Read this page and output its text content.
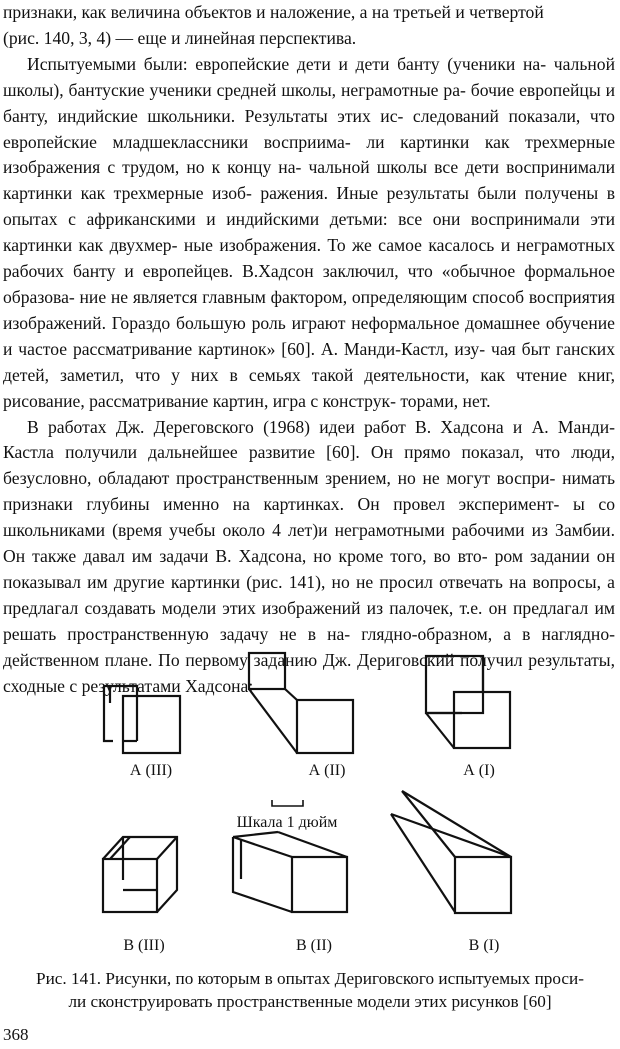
признаки, как величина объектов и наложение, а на третьей и четвертой
(рис. 140, 3, 4) — еще и линейная перспектива.

Испытуемыми были: европейские дети и дети банту (ученики на- чальной школы), бантуские ученики средней школы, неграмотные ра- бочие европейцы и банту, индийские школьники. Результаты этих ис- следований показали, что европейские младшеклассники восприима- ли картинки как трехмерные изображения с трудом, но к концу на- чальной школы все дети воспринимали картинки как трехмерные изоб- ражения. Иные результаты были получены в опытах с африканскими и индийскими детьми: все они воспринимали эти картинки как двухмер- ные изображения. То же самое касалось и неграмотных рабочих банту и европейцев. В.Хадсон заключил, что «обычное формальное образова- ние не является главным фактором, определяющим способ восприятия изображений. Гораздо большую роль играют неформальное домашнее обучение и частое рассматривание картинок» [60]. А. Манди-Кастл, изу- чая быт ганских детей, заметил, что у них в семьях такой деятельности, как чтение книг, рисование, рассматривание картин, игра с конструк- торами, нет.

В работах Дж. Дереговского (1968) идеи работ В. Хадсона и А. Манди- Кастла получили дальнейшее развитие [60]. Он прямо показал, что люди, безусловно, обладают пространственным зрением, но не могут воспри- нимать признаки глубины именно на картинках. Он провел эксперимент- ы со школьниками (время учебы около 4 лет)и неграмотными рабочими из Замбии. Он также давал им задачи В. Хадсона, но кроме того, во вто- ром задании он показывал им другие картинки (рис. 141), но не просил отвечать на вопросы, а предлагал создавать модели этих изображений из палочек, т.е. он предлагал им решать пространственную задачу не в на- глядно-образном, а в наглядно-действенном плане. По первому заданию Дж. Дериговский получил результаты, сходные с результатами Хадсона:

А (III)	А (II)	А (I)
Шкала 1 дюйм
В (III)	В (II)	В (I)
Рис. 141. Рисунки, по которым в опытах Дериговского испытуемых проси-
ли сконструировать пространственные модели этих рисунков [60]
368
